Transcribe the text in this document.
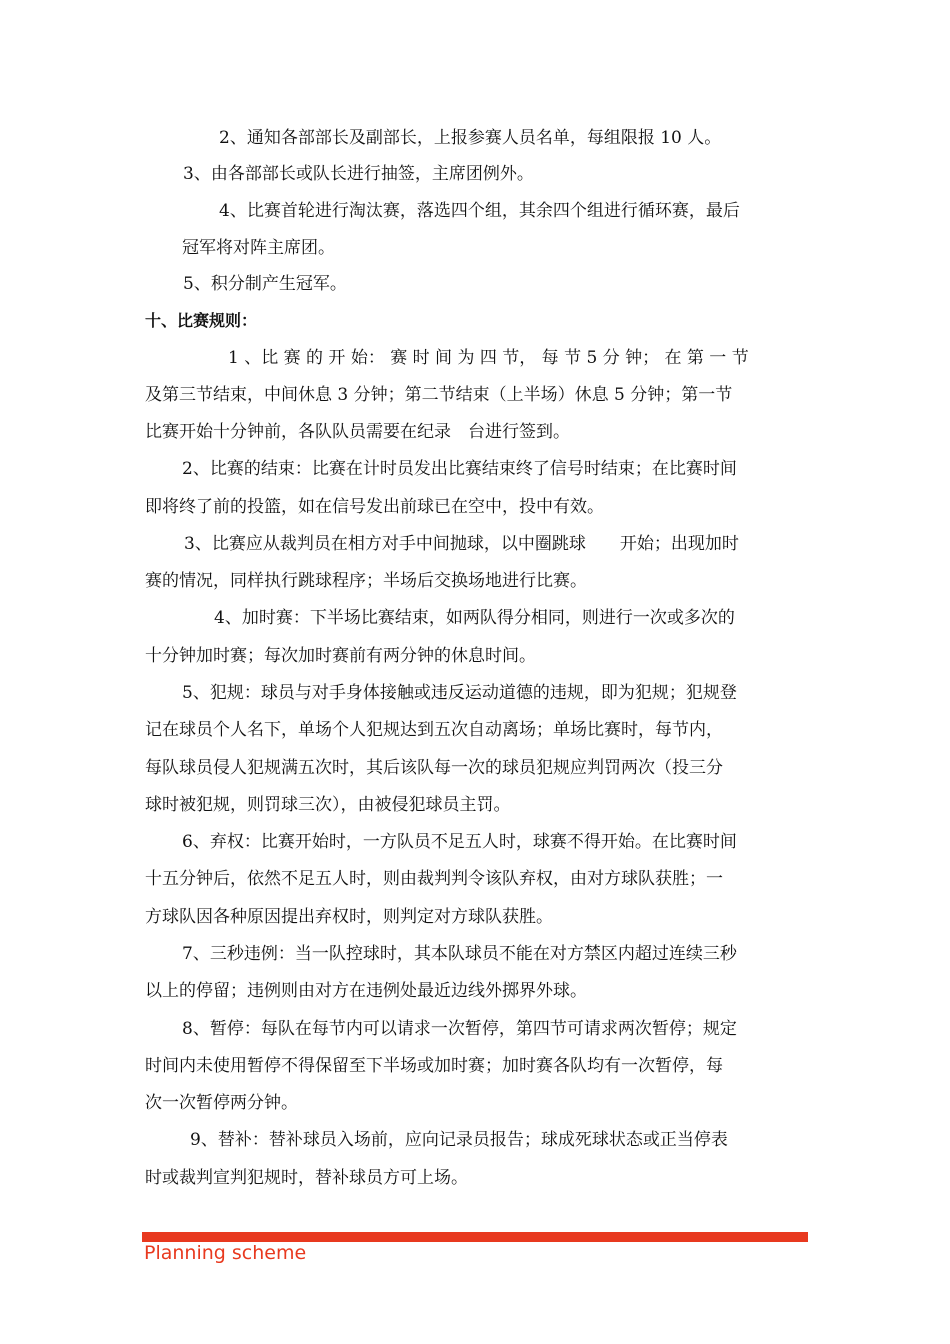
2、通知各部部长及副部长，上报参赛人员名单，每组限报 10 人。
3、由各部部长或队长进行抽签，主席团例外。
4、比赛首轮进行淘汰赛，落选四个组，其余四个组进行循环赛，最后
冠军将对阵主席团。
5、积分制产生冠军。
十、比赛规则：
1 、比 赛 的 开 始： 赛 时 间 为 四 节， 每 节 5 分 钟； 在 第 一 节
及第三节结束，中间休息 3 分钟；第二节结束（上半场）休息 5 分钟；第一节
比赛开始十分钟前，各队队员需要在纪录　台进行签到。
2、比赛的结束：比赛在计时员发出比赛结束终了信号时结束；在比赛时间
即将终了前的投篮，如在信号发出前球已在空中，投中有效。
3、比赛应从裁判员在相方对手中间抛球，以中圈跳球　　开始；出现加时
赛的情况，同样执行跳球程序；半场后交换场地进行比赛。
4、加时赛：下半场比赛结束，如两队得分相同，则进行一次或多次的
十分钟加时赛；每次加时赛前有两分钟的休息时间。
5、犯规：球员与对手身体接触或违反运动道德的违规，即为犯规；犯规登
记在球员个人名下，单场个人犯规达到五次自动离场；单场比赛时，每节内，
每队球员侵人犯规满五次时，其后该队每一次的球员犯规应判罚两次（投三分
球时被犯规，则罚球三次），由被侵犯球员主罚。
6、弃权：比赛开始时，一方队员不足五人时，球赛不得开始。在比赛时间
十五分钟后，依然不足五人时，则由裁判判令该队弃权，由对方球队获胜；一
方球队因各种原因提出弃权时，则判定对方球队获胜。
7、三秒违例：当一队控球时，其本队球员不能在对方禁区内超过连续三秒
以上的停留；违例则由对方在违例处最近边线外掷界外球。
8、暂停：每队在每节内可以请求一次暂停，第四节可请求两次暂停；规定
时间内未使用暂停不得保留至下半场或加时赛；加时赛各队均有一次暂停，每
次一次暂停两分钟。
9、替补：替补球员入场前，应向记录员报告；球成死球状态或正当停表
时或裁判宣判犯规时，替补球员方可上场。
Planning scheme
